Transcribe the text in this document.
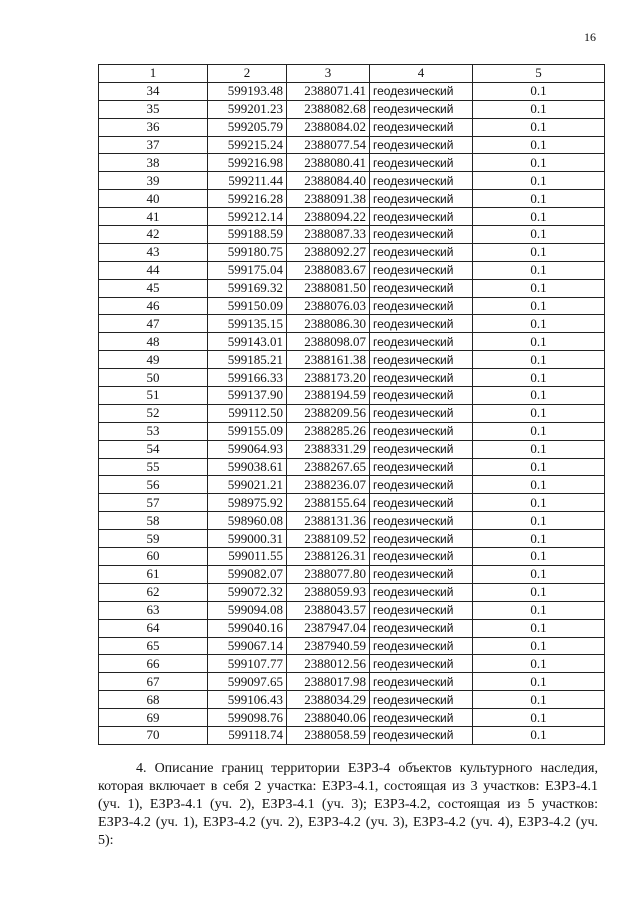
16
1	2	3	4	5
34	599193.48	2388071.41	геодезический	0.1
35	599201.23	2388082.68	геодезический	0.1
36	599205.79	2388084.02	геодезический	0.1
37	599215.24	2388077.54	геодезический	0.1
38	599216.98	2388080.41	геодезический	0.1
39	599211.44	2388084.40	геодезический	0.1
40	599216.28	2388091.38	геодезический	0.1
41	599212.14	2388094.22	геодезический	0.1
42	599188.59	2388087.33	геодезический	0.1
43	599180.75	2388092.27	геодезический	0.1
44	599175.04	2388083.67	геодезический	0.1
45	599169.32	2388081.50	геодезический	0.1
46	599150.09	2388076.03	геодезический	0.1
47	599135.15	2388086.30	геодезический	0.1
48	599143.01	2388098.07	геодезический	0.1
49	599185.21	2388161.38	геодезический	0.1
50	599166.33	2388173.20	геодезический	0.1
51	599137.90	2388194.59	геодезический	0.1
52	599112.50	2388209.56	геодезический	0.1
53	599155.09	2388285.26	геодезический	0.1
54	599064.93	2388331.29	геодезический	0.1
55	599038.61	2388267.65	геодезический	0.1
56	599021.21	2388236.07	геодезический	0.1
57	598975.92	2388155.64	геодезический	0.1
58	598960.08	2388131.36	геодезический	0.1
59	599000.31	2388109.52	геодезический	0.1
60	599011.55	2388126.31	геодезический	0.1
61	599082.07	2388077.80	геодезический	0.1
62	599072.32	2388059.93	геодезический	0.1
63	599094.08	2388043.57	геодезический	0.1
64	599040.16	2387947.04	геодезический	0.1
65	599067.14	2387940.59	геодезический	0.1
66	599107.77	2388012.56	геодезический	0.1
67	599097.65	2388017.98	геодезический	0.1
68	599106.43	2388034.29	геодезический	0.1
69	599098.76	2388040.06	геодезический	0.1
70	599118.74	2388058.59	геодезический	0.1

4. Описание границ территории ЕЗРЗ-4 объектов культурного наследия, которая включает в себя 2 участка: ЕЗРЗ-4.1, состоящая из 3 участков: ЕЗРЗ-4.1 (уч. 1), ЕЗРЗ-4.1 (уч. 2), ЕЗРЗ-4.1 (уч. 3); ЕЗРЗ-4.2, состоящая из 5 участков: ЕЗРЗ-4.2 (уч. 1), ЕЗРЗ-4.2 (уч. 2), ЕЗРЗ-4.2 (уч. 3), ЕЗРЗ-4.2 (уч. 4), ЕЗРЗ-4.2 (уч. 5):
